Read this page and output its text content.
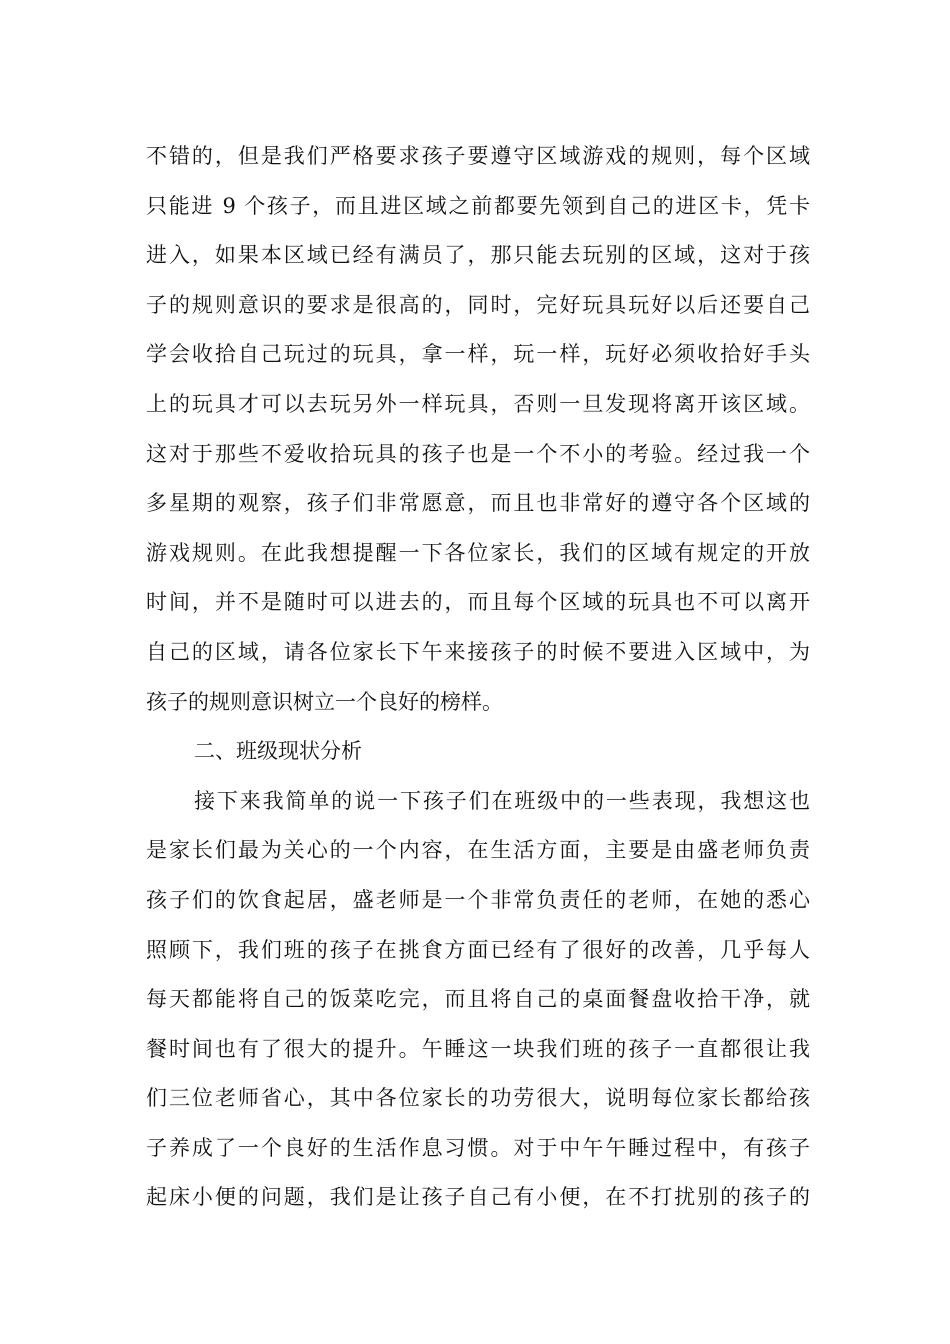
不错的，但是我们严格要求孩子要遵守区域游戏的规则，每个区域
只能进 9 个孩子，而且进区域之前都要先领到自己的进区卡，凭卡
进入，如果本区域已经有满员了，那只能去玩别的区域，这对于孩
子的规则意识的要求是很高的，同时，完好玩具玩好以后还要自己
学会收拾自己玩过的玩具，拿一样，玩一样，玩好必须收拾好手头
上的玩具才可以去玩另外一样玩具，否则一旦发现将离开该区域。
这对于那些不爱收拾玩具的孩子也是一个不小的考验。经过我一个
多星期的观察，孩子们非常愿意，而且也非常好的遵守各个区域的
游戏规则。在此我想提醒一下各位家长，我们的区域有规定的开放
时间，并不是随时可以进去的，而且每个区域的玩具也不可以离开
自己的区域，请各位家长下午来接孩子的时候不要进入区域中，为
孩子的规则意识树立一个良好的榜样。
二、班级现状分析
接下来我简单的说一下孩子们在班级中的一些表现，我想这也
是家长们最为关心的一个内容，在生活方面，主要是由盛老师负责
孩子们的饮食起居，盛老师是一个非常负责任的老师，在她的悉心
照顾下，我们班的孩子在挑食方面已经有了很好的改善，几乎每人
每天都能将自己的饭菜吃完，而且将自己的桌面餐盘收拾干净，就
餐时间也有了很大的提升。午睡这一块我们班的孩子一直都很让我
们三位老师省心，其中各位家长的功劳很大，说明每位家长都给孩
子养成了一个良好的生活作息习惯。对于中午午睡过程中，有孩子
起床小便的问题，我们是让孩子自己有小便，在不打扰别的孩子的
